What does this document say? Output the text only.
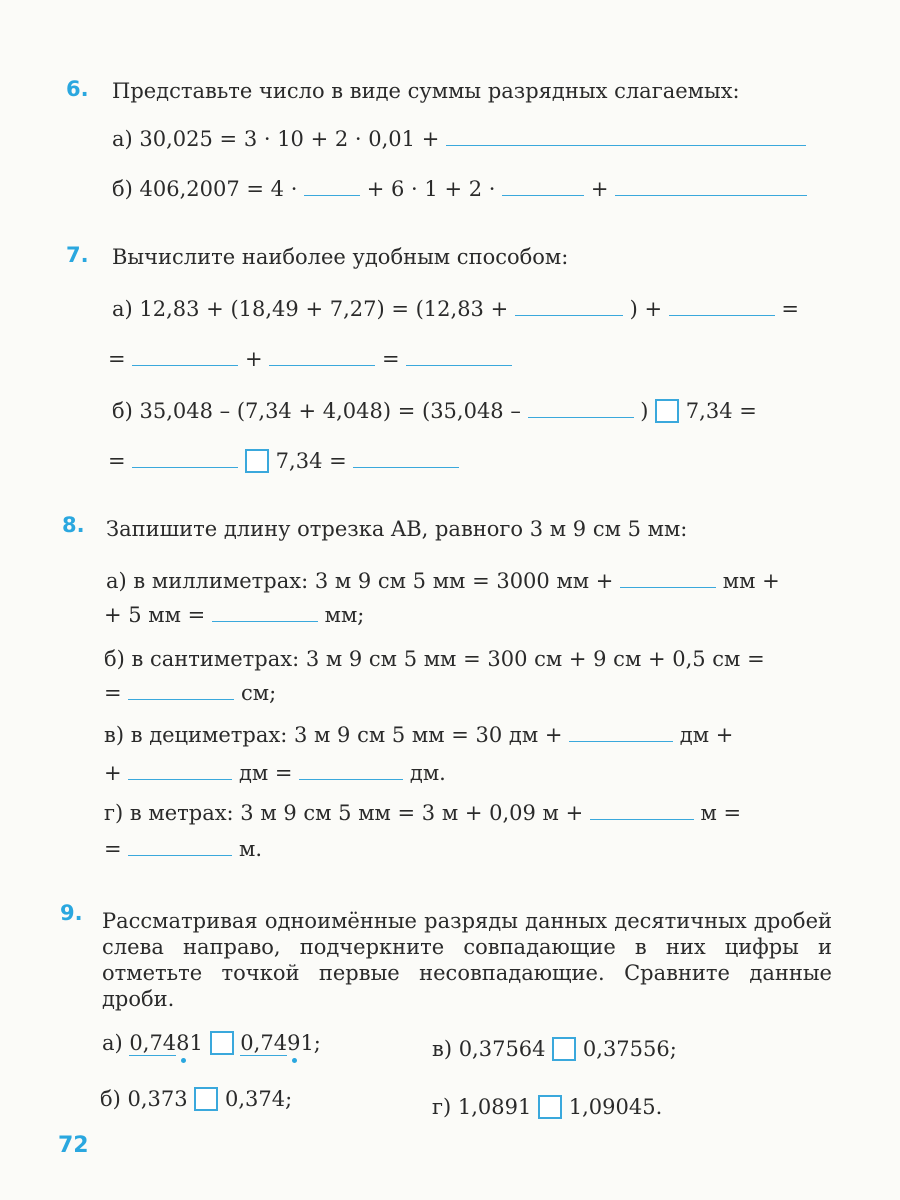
6. Представьте число в виде суммы разрядных слагаемых:
а) 30,025 = 3 · 10 + 2 · 0,01 +
б) 406,2007 = 4 ·	+ 6 · 1 + 2 ·	+
7. Вычислите наиболее удобным способом:
а) 12,83 + (18,49 + 7,27) = (12,83 +	) +	=
=	+	=
б) 35,048 – (7,34 + 4,048) = (35,048 –	) 7,34 =
=	7,34 =
8. Запишите длину отрезка AB, равного 3 м 9 см 5 мм:
а) в миллиметрах: 3 м 9 см 5 мм = 3000 мм +	мм +
+ 5 мм =	мм;
б) в сантиметрах: 3 м 9 см 5 мм = 300 см + 9 см + 0,5 см =
=	см;
в) в дециметрах: 3 м 9 см 5 мм = 30 дм +	дм +
+	дм =	дм.
г) в метрах: 3 м 9 см 5 мм = 3 м + 0,09 м +	м =
=	м.
9. Рассматривая одноимённые разряды данных десятичных дробей слева направо, подчеркните совпадающие в них цифры и отметьте точкой первые несовпадающие. Сравните данные дроби.
а) 0,7481 0,7491;	в) 0,37564 0,37556;
б) 0,373 0,374;	г) 1,0891 1,09045.
72
